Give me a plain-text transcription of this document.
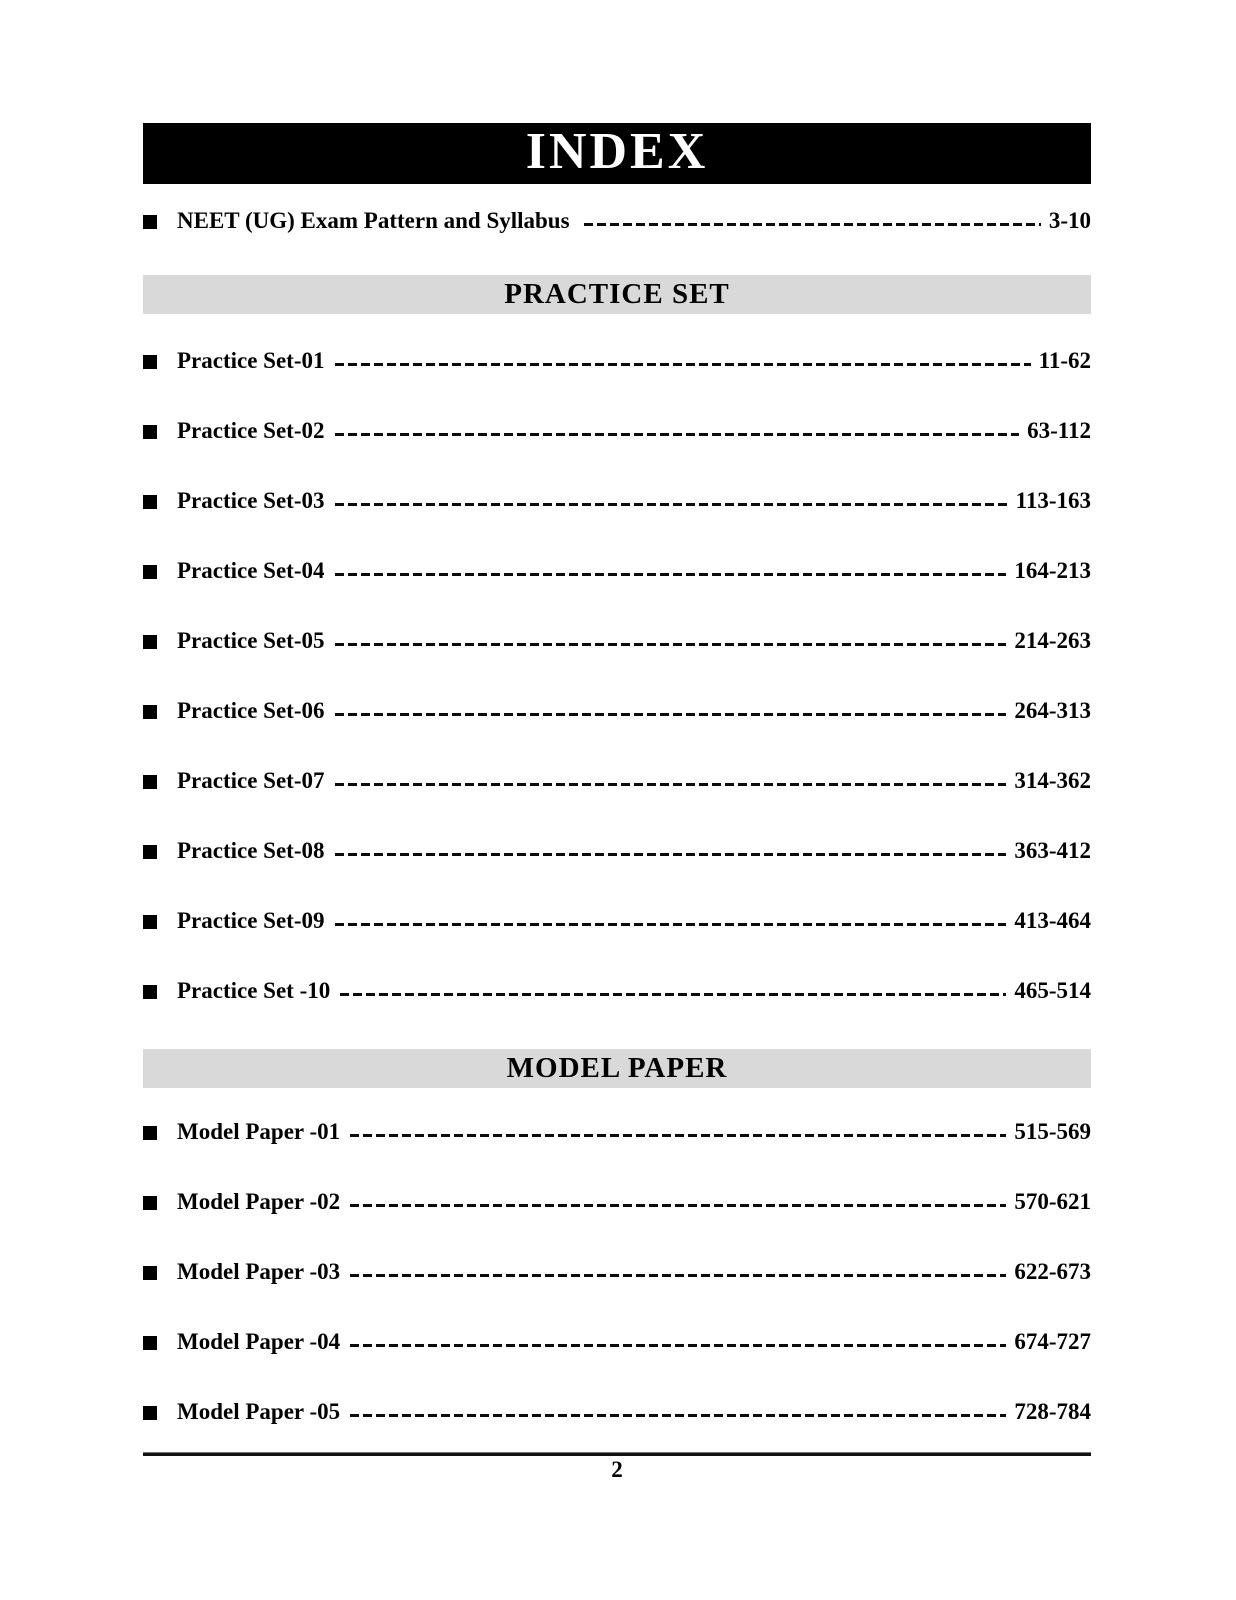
INDEX
NEET (UG) Exam Pattern and Syllabus	3-10
PRACTICE SET
Practice Set-01	11-62
Practice Set-02	63-112
Practice Set-03	113-163
Practice Set-04	164-213
Practice Set-05	214-263
Practice Set-06	264-313
Practice Set-07	314-362
Practice Set-08	363-412
Practice Set-09	413-464
Practice Set -10	465-514
MODEL PAPER
Model Paper -01	515-569
Model Paper -02	570-621
Model Paper -03	622-673
Model Paper -04	674-727
Model Paper -05	728-784
2
